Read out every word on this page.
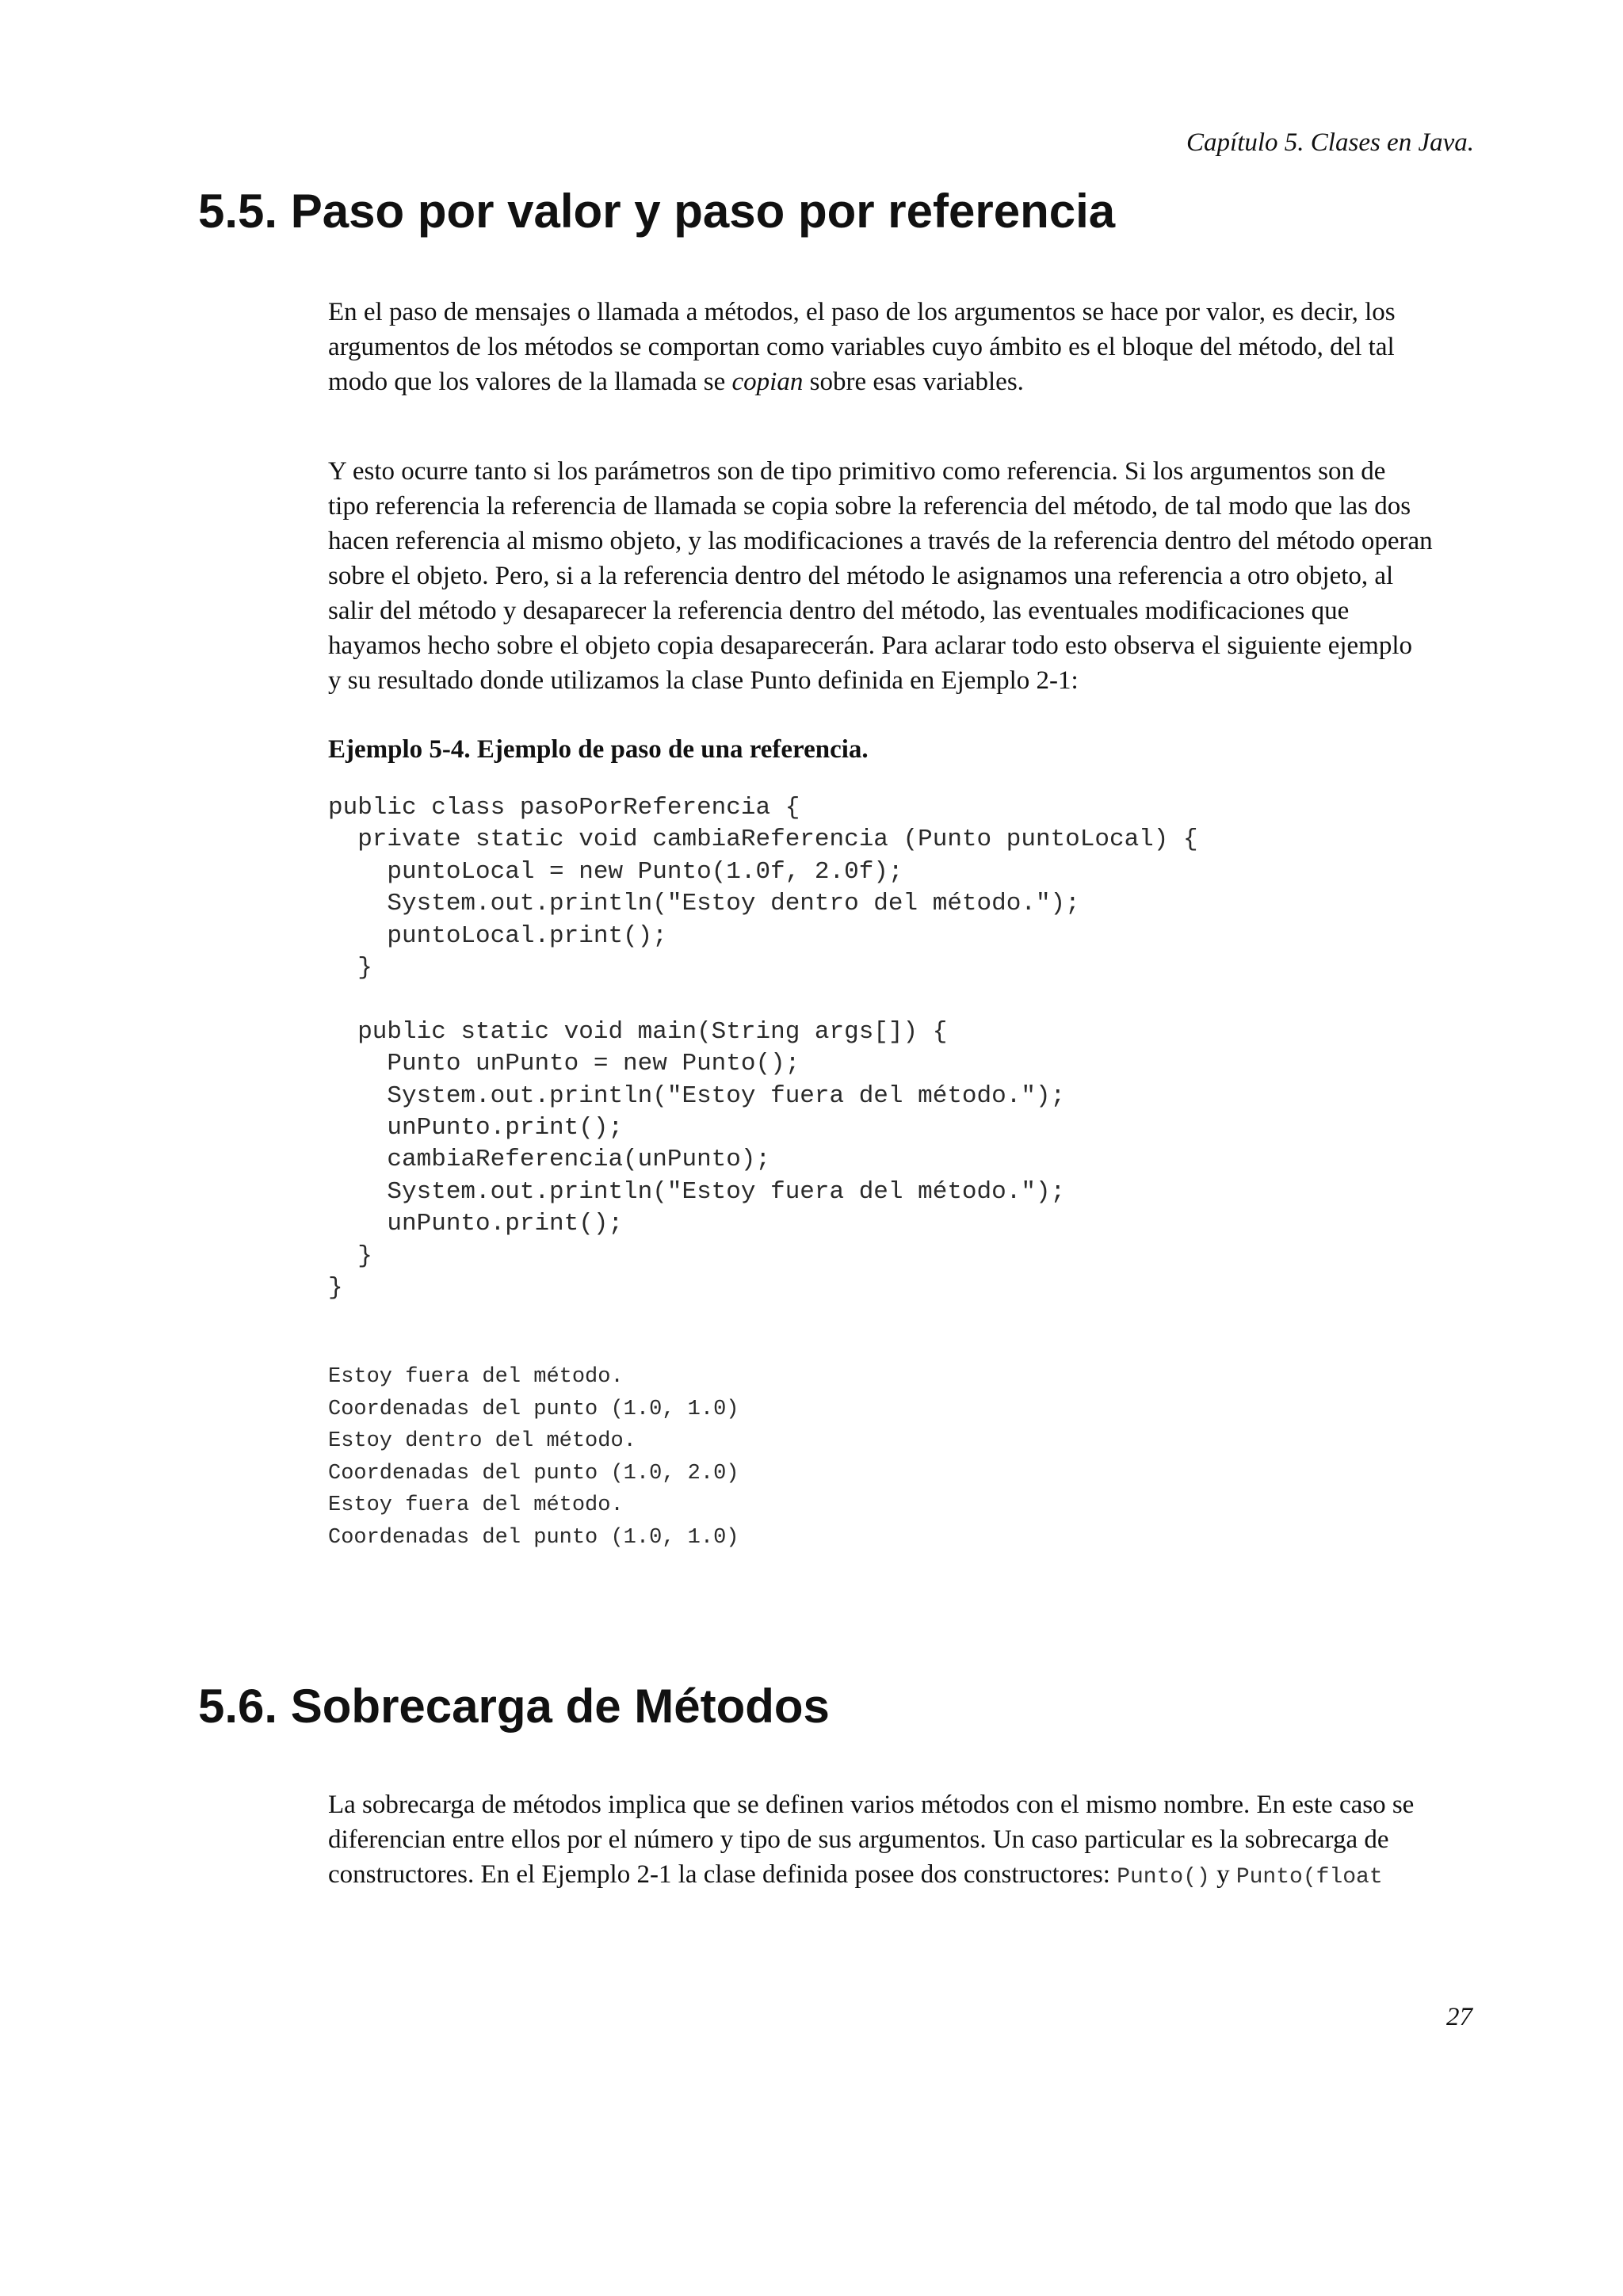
Capítulo 5. Clases en Java.

5.5. Paso por valor y paso por referencia

En el paso de mensajes o llamada a métodos, el paso de los argumentos se hace por valor, es decir, los
argumentos de los métodos se comportan como variables cuyo ámbito es el bloque del método, del tal
modo que los valores de la llamada se copian sobre esas variables.

Y esto ocurre tanto si los parámetros son de tipo primitivo como referencia. Si los argumentos son de
tipo referencia la referencia de llamada se copia sobre la referencia del método, de tal modo que las dos
hacen referencia al mismo objeto, y las modificaciones a través de la referencia dentro del método operan
sobre el objeto. Pero, si a la referencia dentro del método le asignamos una referencia a otro objeto, al
salir del método y desaparecer la referencia dentro del método, las eventuales modificaciones que
hayamos hecho sobre el objeto copia desaparecerán. Para aclarar todo esto observa el siguiente ejemplo
y su resultado donde utilizamos la clase Punto definida en Ejemplo 2-1:

Ejemplo 5-4. Ejemplo de paso de una referencia.

public class pasoPorReferencia {
private static void cambiaReferencia (Punto puntoLocal) {
puntoLocal = new Punto(1.0f, 2.0f);
System.out.println("Estoy dentro del método.");
puntoLocal.print();
}

public static void main(String args[]) {
Punto unPunto = new Punto();
System.out.println("Estoy fuera del método.");
unPunto.print();
cambiaReferencia(unPunto);
System.out.println("Estoy fuera del método.");
unPunto.print();
}
}
Estoy fuera del método.
Coordenadas del punto (1.0, 1.0)
Estoy dentro del método.
Coordenadas del punto (1.0, 2.0)
Estoy fuera del método.
Coordenadas del punto (1.0, 1.0)
5.6. Sobrecarga de Métodos

La sobrecarga de métodos implica que se definen varios métodos con el mismo nombre. En este caso se
diferencian entre ellos por el número y tipo de sus argumentos. Un caso particular es la sobrecarga de
constructores. En el Ejemplo 2-1 la clase definida posee dos constructores: Punto() y Punto(float

27
